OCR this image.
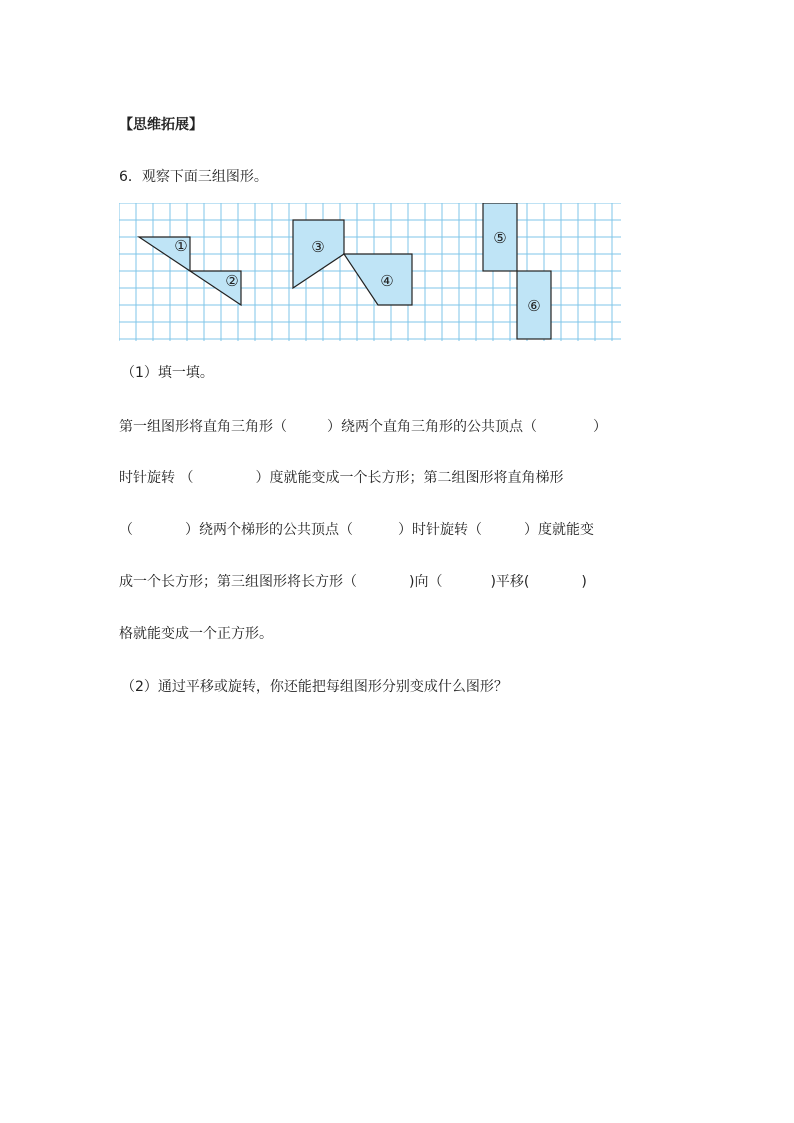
【思维拓展】
6．观察下面三组图形。
①
②
③
④
⑤
⑥
（1）填一填。
第一组图形将直角三角形（	）绕两个直角三角形的公共顶点（	）
时针旋转 （	）度就能变成一个长方形；第二组图形将直角梯形
（	）绕两个梯形的公共顶点（	）时针旋转（	）度就能变
成一个长方形；第三组图形将长方形（	)向（	)平移(	)
格就能变成一个正方形。
（2）通过平移或旋转，你还能把每组图形分别变成什么图形？
